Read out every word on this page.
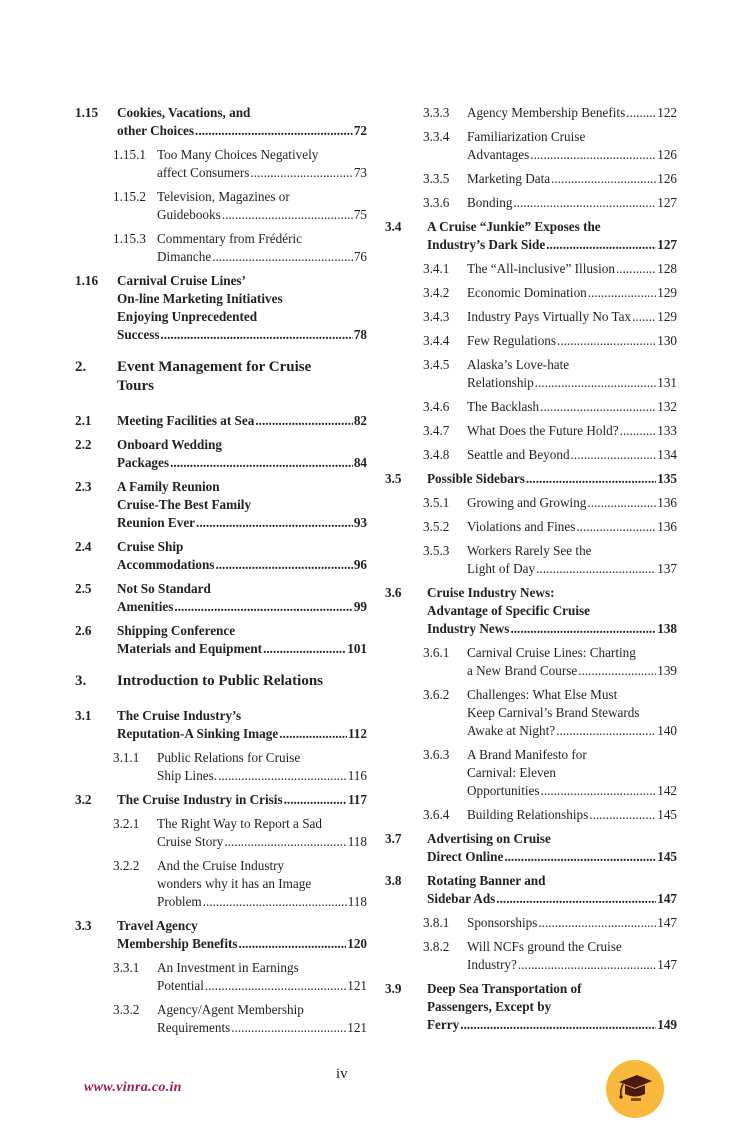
1.15	Cookies, Vacations, and
other Choices .....	72
1.15.1 Too Many Choices Negatively
affect Consumers .....	73
1.15.2 Television, Magazines or
Guidebooks .....	75
1.15.3 Commentary from Frédéric
Dimanche .....	76
1.16	Carnival Cruise Lines’
On-line Marketing Initiatives
Enjoying Unprecedented
Success .....	78
2.	Event Management for Cruise
Tours
2.1	Meeting Facilities at Sea .....	82
2.2	Onboard Wedding
Packages .....	84
2.3	A Family Reunion
Cruise-The Best Family
Reunion Ever .....	93
2.4	Cruise Ship
Accommodations .....	96
2.5	Not So Standard
Amenities .....	99
2.6	Shipping Conference
Materials and Equipment .....	101
3.	Introduction to Public Relations
3.1	The Cruise Industry’s
Reputation-A Sinking Image .....	112
3.1.1	Public Relations for Cruise
Ship Lines. .....	116
3.2	The Cruise Industry in Crisis .....	117
3.2.1	The Right Way to Report a Sad
Cruise Story .....	118
3.2.2	And the Cruise Industry
wonders why it has an Image
Problem .....	118
3.3	Travel Agency
Membership Benefits .....	120
3.3.1	An Investment in Earnings
Potential .....	121
3.3.2	Agency/Agent Membership
Requirements .....	121
3.3.3	Agency Membership Benefits ..... 122
3.3.4	Familiarization Cruise
Advantages .....	126
3.3.5	Marketing Data .....	126
3.3.6	Bonding .....	127
3.4	A Cruise “Junkie” Exposes the
Industry’s Dark Side .....	127
3.4.1	The “All-inclusive” Illusion .....	128
3.4.2	Economic Domination .....	129
3.4.3	Industry Pays Virtually No Tax ..... 129
3.4.4	Few Regulations .....	130
3.4.5	Alaska’s Love-hate
Relationship .....	131
3.4.6	The Backlash .....	132
3.4.7	What Does the Future Hold? .....	133
3.4.8	Seattle and Beyond .....	134
3.5	Possible Sidebars .....	135
3.5.1	Growing and Growing .....	136
3.5.2	Violations and Fines .....	136
3.5.3	Workers Rarely See the
Light of Day .....	137
3.6	Cruise Industry News:
Advantage of Specific Cruise
Industry News .....	138
3.6.1	Carnival Cruise Lines: Charting
a New Brand Course .....	139
3.6.2	Challenges: What Else Must
Keep Carnival’s Brand Stewards
Awake at Night? .....	140
3.6.3	A Brand Manifesto for
Carnival: Eleven
Opportunities .....	142
3.6.4	Building Relationships .....	145
3.7	Advertising on Cruise
Direct Online .....	145
3.8	Rotating Banner and
Sidebar Ads .....	147
3.8.1	Sponsorships .....	147
3.8.2	Will NCFs ground the Cruise
Industry? .....	147
3.9	Deep Sea Transportation of
Passengers, Except by
Ferry .....	149
www.vinra.co.in
iv
